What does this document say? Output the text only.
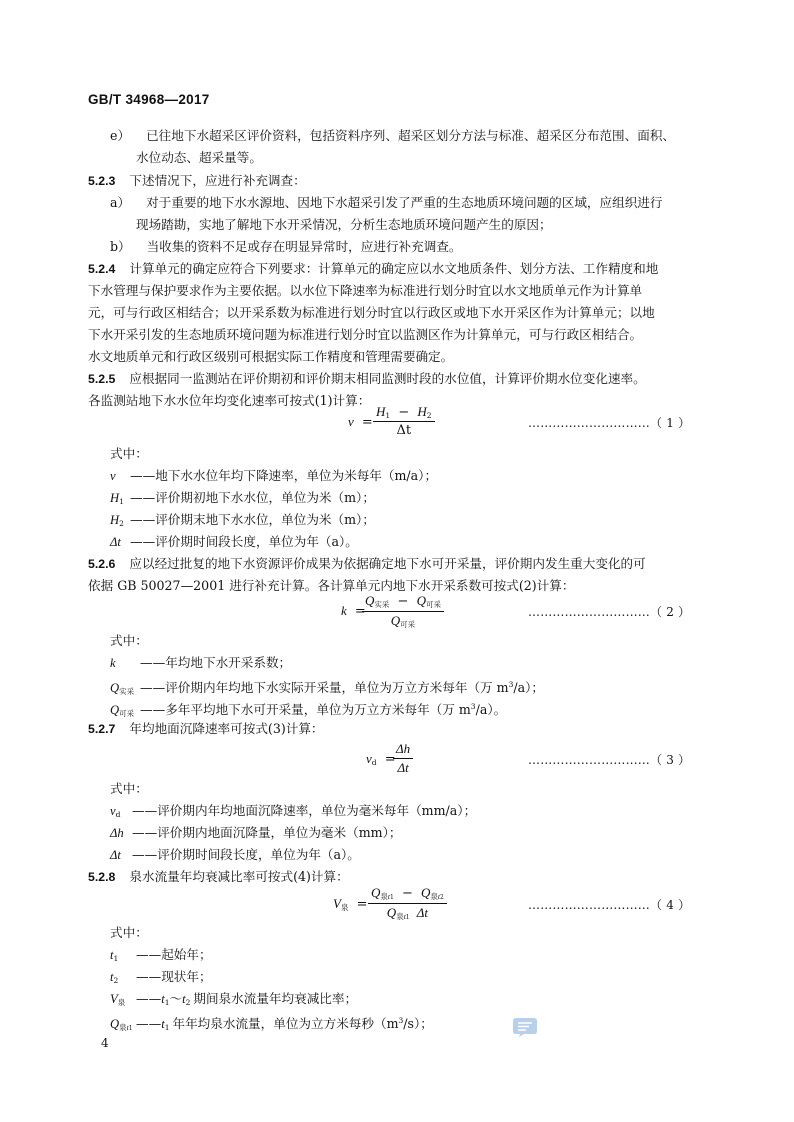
GB/T 34968—2017
e） 已往地下水超采区评价资料，包括资料序列、超采区划分方法与标准、超采区分布范围、面积、
水位动态、超采量等。
5.2.3 下述情况下，应进行补充调查：
a） 对于重要的地下水水源地、因地下水超采引发了严重的生态地质环境问题的区域，应组织进行
现场踏勘，实地了解地下水开采情况，分析生态地质环境问题产生的原因；
b） 当收集的资料不足或存在明显异常时，应进行补充调查。
5.2.4 计算单元的确定应符合下列要求：计算单元的确定应以水文地质条件、划分方法、工作精度和地
下水管理与保护要求作为主要依据。以水位下降速率为标准进行划分时宜以水文地质单元作为计算单
元，可与行政区相结合；以开采系数为标准进行划分时宜以行政区或地下水开采区作为计算单元；以地
下水开采引发的生态地质环境问题为标准进行划分时宜以监测区作为计算单元，可与行政区相结合。
水文地质单元和行政区级别可根据实际工作精度和管理需要确定。
5.2.5 应根据同一监测站在评价期初和评价期末相同监测时段的水位值，计算评价期水位变化速率。
各监测站地下水水位年均变化速率可按式(1)计算：
$v = \frac{H_1 - H_2}{\Delta t}$	…………………………（ 1 ）
式中：
v ——地下水水位年均下降速率，单位为米每年（m/a）；
$H_1$ ——评价期初地下水水位，单位为米（m）；
$H_2$ ——评价期末地下水水位，单位为米（m）；
Δt ——评价期时间段长度，单位为年（a）。
5.2.6 应以经过批复的地下水资源评价成果为依据确定地下水可开采量，评价期内发生重大变化的可
依据 GB 50027—2001 进行补充计算。各计算单元内地下水开采系数可按式(2)计算：
k =
$Q_{实采} - Q_{可采}$
$Q_{可采}$
…………………………（ 2 ）
式中：
k ——年均地下水开采系数；
$Q_{实采}$ ——评价期内年均地下水实际开采量，单位为万立方米每年（万 $m^3/a$）；
$Q_{可采}$ ——多年平均地下水可开采量，单位为万立方米每年（万 $m^3/a$）。
5.2.7 年均地面沉降速率可按式(3)计算：
$v_d$ =
$\frac{\Delta h}{\Delta t}$	…………………………（ 3 ）
式中：
$v_d$ ——评价期内年均地面沉降速率，单位为毫米每年（mm/a）；
Δh ——评价期内地面沉降量，单位为毫米（mm）；
Δt ——评价期时间段长度，单位为年（a）。
5.2.8 泉水流量年均衰减比率可按式(4)计算：
$V_泉$ =
$Q_{泉t1} - Q_{泉t2}$
$Q_{泉t1}$ Δt	…………………………（ 4 ）
式中：
$t_1$ ——起始年；
$t_2$ ——现状年；
$V_泉$ $——t_1\sim t_2$ 期间泉水流量年均衰减比率；
$Q_{泉t1}$ $——t_1$ 年年均泉水流量，单位为立方米每秒$(m^3/s)$；
4
